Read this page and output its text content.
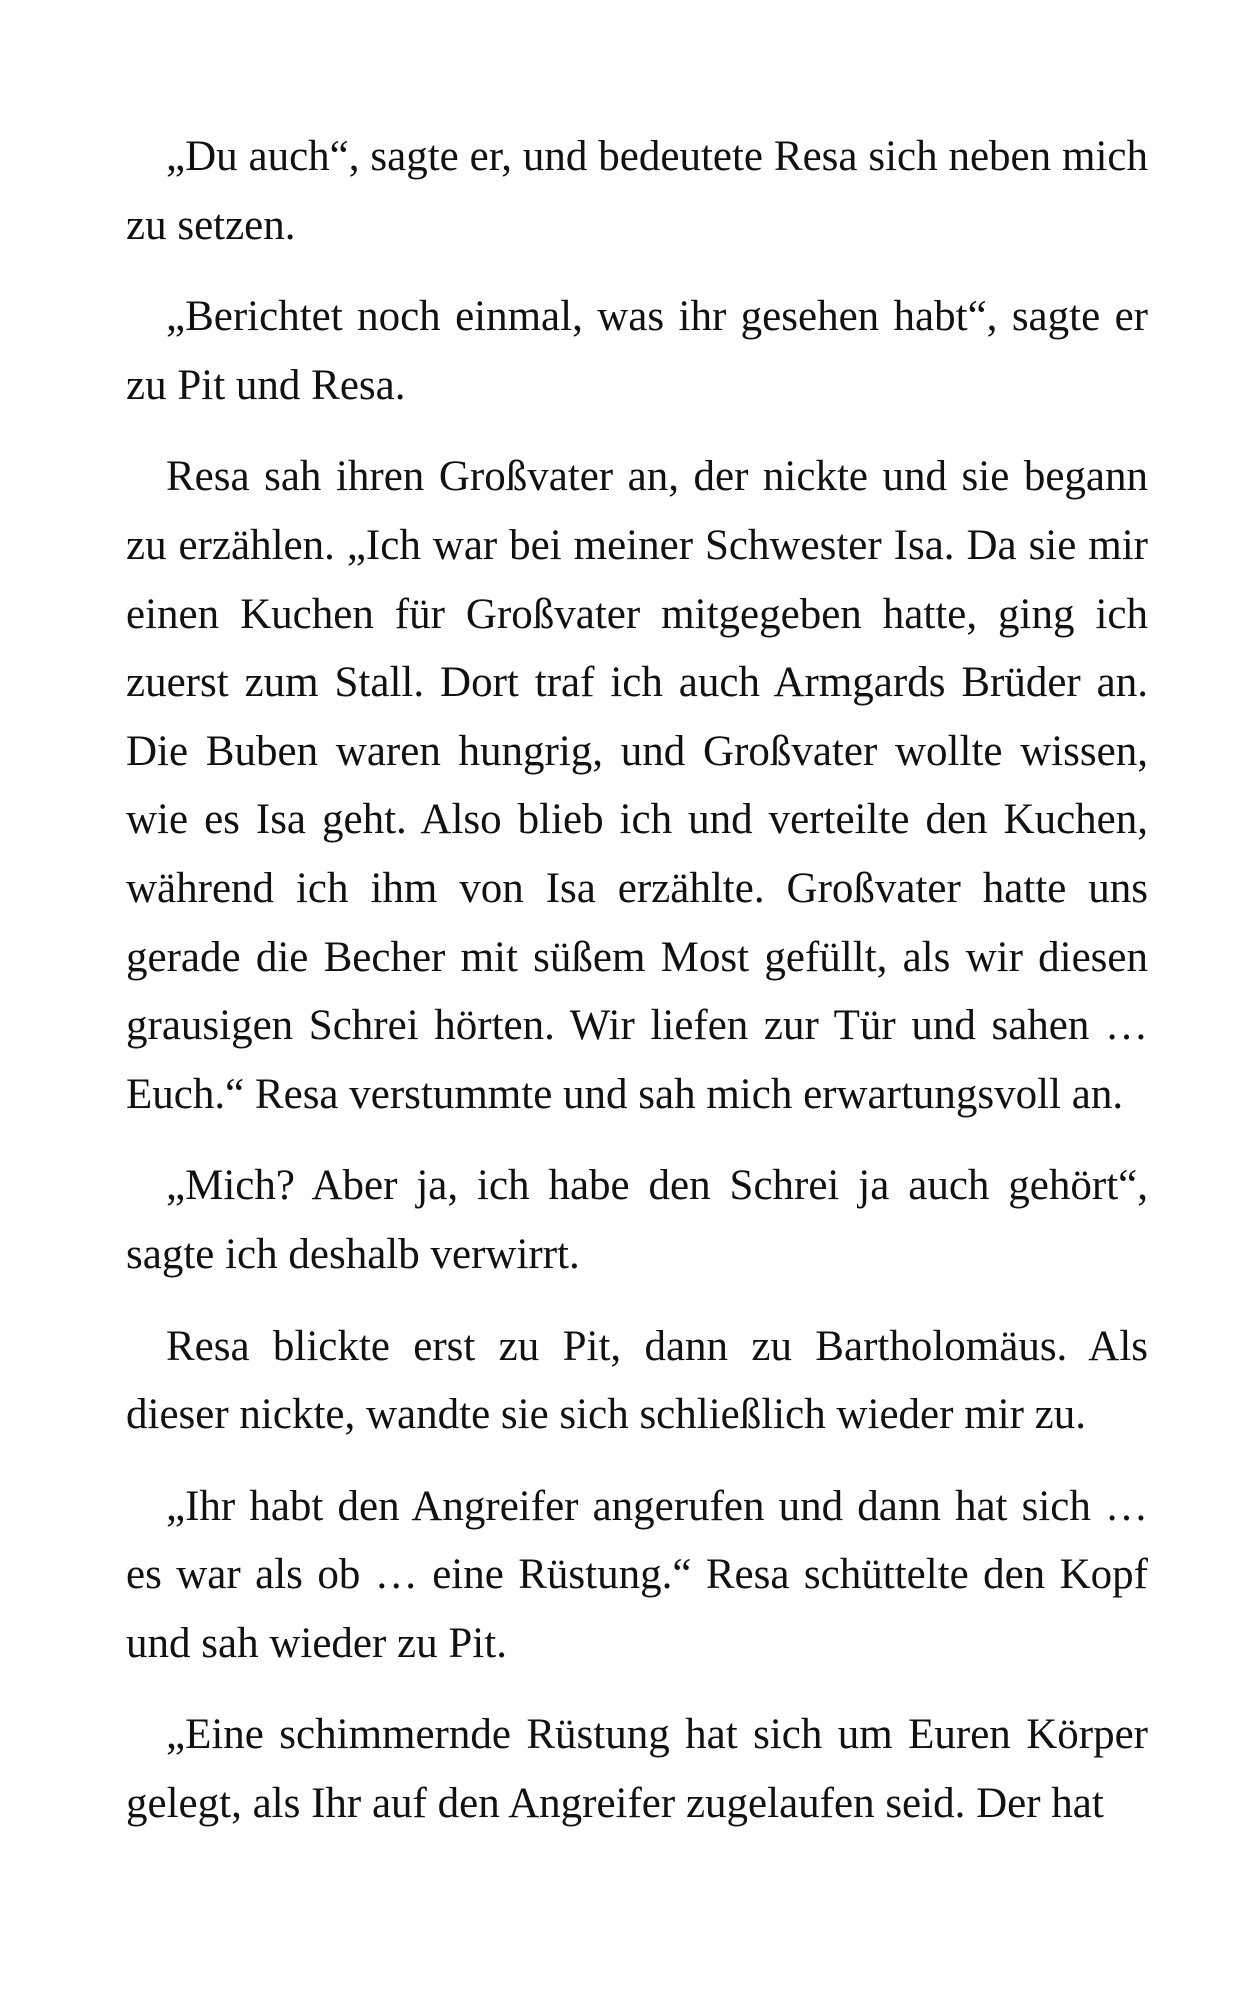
„Du auch“, sagte er, und bedeutete Resa sich neben mich zu setzen.

„Berichtet noch einmal, was ihr gesehen habt“, sagte er zu Pit und Resa.

Resa sah ihren Großvater an, der nickte und sie begann zu erzählen. „Ich war bei meiner Schwester Isa. Da sie mir einen Kuchen für Großvater mitgegeben hatte, ging ich zuerst zum Stall. Dort traf ich auch Armgards Brüder an. Die Buben waren hungrig, und Großvater wollte wissen, wie es Isa geht. Also blieb ich und verteilte den Kuchen, während ich ihm von Isa erzählte. Großvater hatte uns gerade die Becher mit süßem Most gefüllt, als wir diesen grausigen Schrei hörten. Wir liefen zur Tür und sahen … Euch.“ Resa verstummte und sah mich erwartungsvoll an.

„Mich? Aber ja, ich habe den Schrei ja auch gehört“, sagte ich deshalb verwirrt.

Resa blickte erst zu Pit, dann zu Bartholomäus. Als dieser nickte, wandte sie sich schließlich wieder mir zu.

„Ihr habt den Angreifer angerufen und dann hat sich … es war als ob … eine Rüstung.“ Resa schüttelte den Kopf und sah wieder zu Pit.

„Eine schimmernde Rüstung hat sich um Euren Körper gelegt, als Ihr auf den Angreifer zugelaufen seid. Der hat
